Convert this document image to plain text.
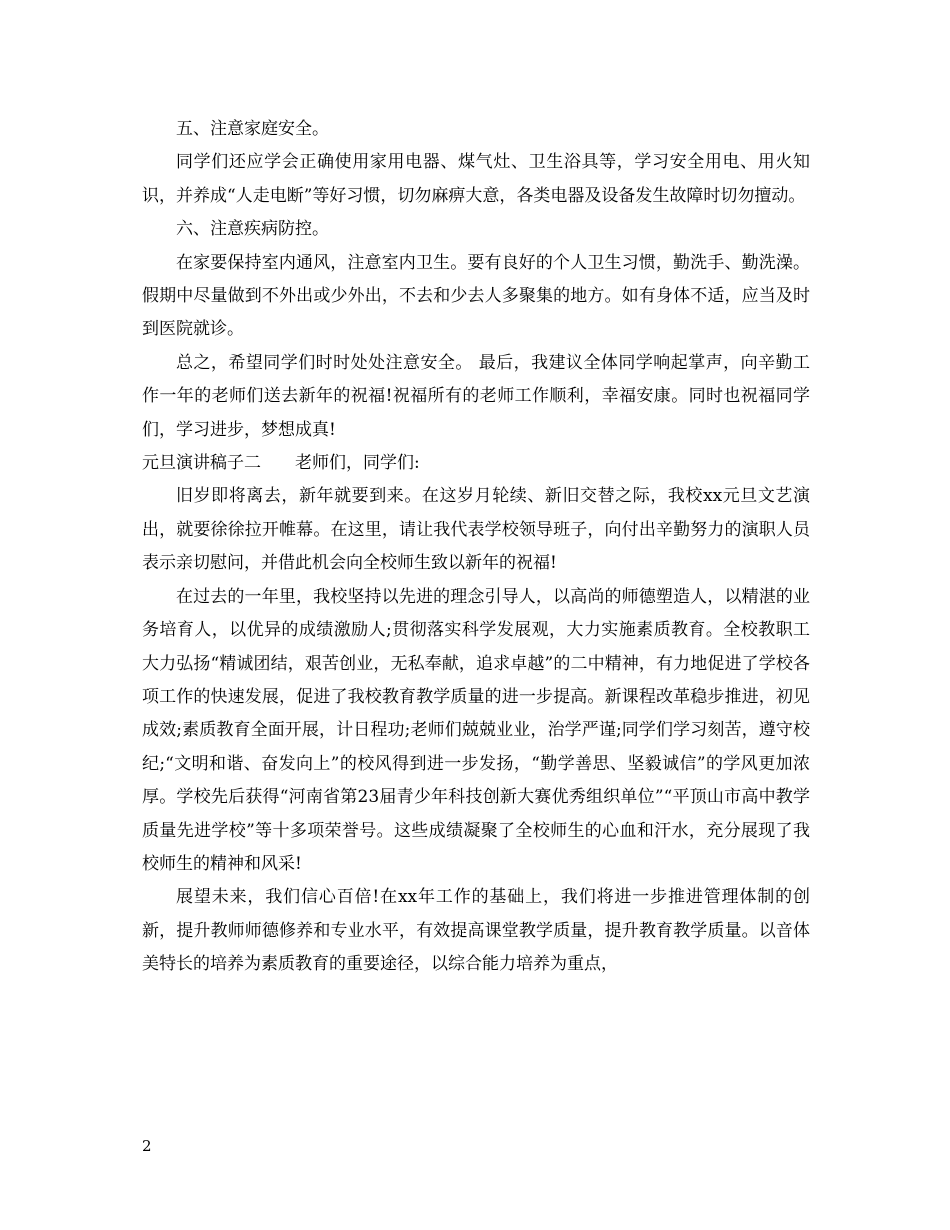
五、注意家庭安全。

同学们还应学会正确使用家用电器、煤气灶、卫生浴具等，学习安全用电、用火知识，并养成“人走电断”等好习惯，切勿麻痹大意，各类电器及设备发生故障时切勿擅动。

六、注意疾病防控。

在家要保持室内通风，注意室内卫生。要有良好的个人卫生习惯，勤洗手、勤洗澡。假期中尽量做到不外出或少外出，不去和少去人多聚集的地方。如有身体不适，应当及时到医院就诊。

总之，希望同学们时时处处注意安全。 最后，我建议全体同学响起掌声，向辛勤工作一年的老师们送去新年的祝福!祝福所有的老师工作顺利，幸福安康。同时也祝福同学们，学习进步，梦想成真!

元旦演讲稿子二　　老师们，同学们:

旧岁即将离去，新年就要到来。在这岁月轮续、新旧交替之际，我校xx元旦文艺演出，就要徐徐拉开帷幕。在这里，请让我代表学校领导班子，向付出辛勤努力的演职人员表示亲切慰问，并借此机会向全校师生致以新年的祝福!

在过去的一年里，我校坚持以先进的理念引导人，以高尚的师德塑造人，以精湛的业务培育人，以优异的成绩激励人;贯彻落实科学发展观，大力实施素质教育。全校教职工大力弘扬“精诚团结，艰苦创业，无私奉献，追求卓越”的二中精神，有力地促进了学校各项工作的快速发展，促进了我校教育教学质量的进一步提高。新课程改革稳步推进，初见成效;素质教育全面开展，计日程功;老师们兢兢业业，治学严谨;同学们学习刻苦，遵守校纪;“文明和谐、奋发向上”的校风得到进一步发扬，“勤学善思、坚毅诚信”的学风更加浓厚。学校先后获得“河南省第23届青少年科技创新大赛优秀组织单位”“平顶山市高中教学质量先进学校”等十多项荣誉号。这些成绩凝聚了全校师生的心血和汗水，充分展现了我校师生的精神和风采!

展望未来，我们信心百倍!在xx年工作的基础上，我们将进一步推进管理体制的创新，提升教师师德修养和专业水平，有效提高课堂教学质量，提升教育教学质量。以音体美特长的培养为素质教育的重要途径，以综合能力培养为重点，

2
